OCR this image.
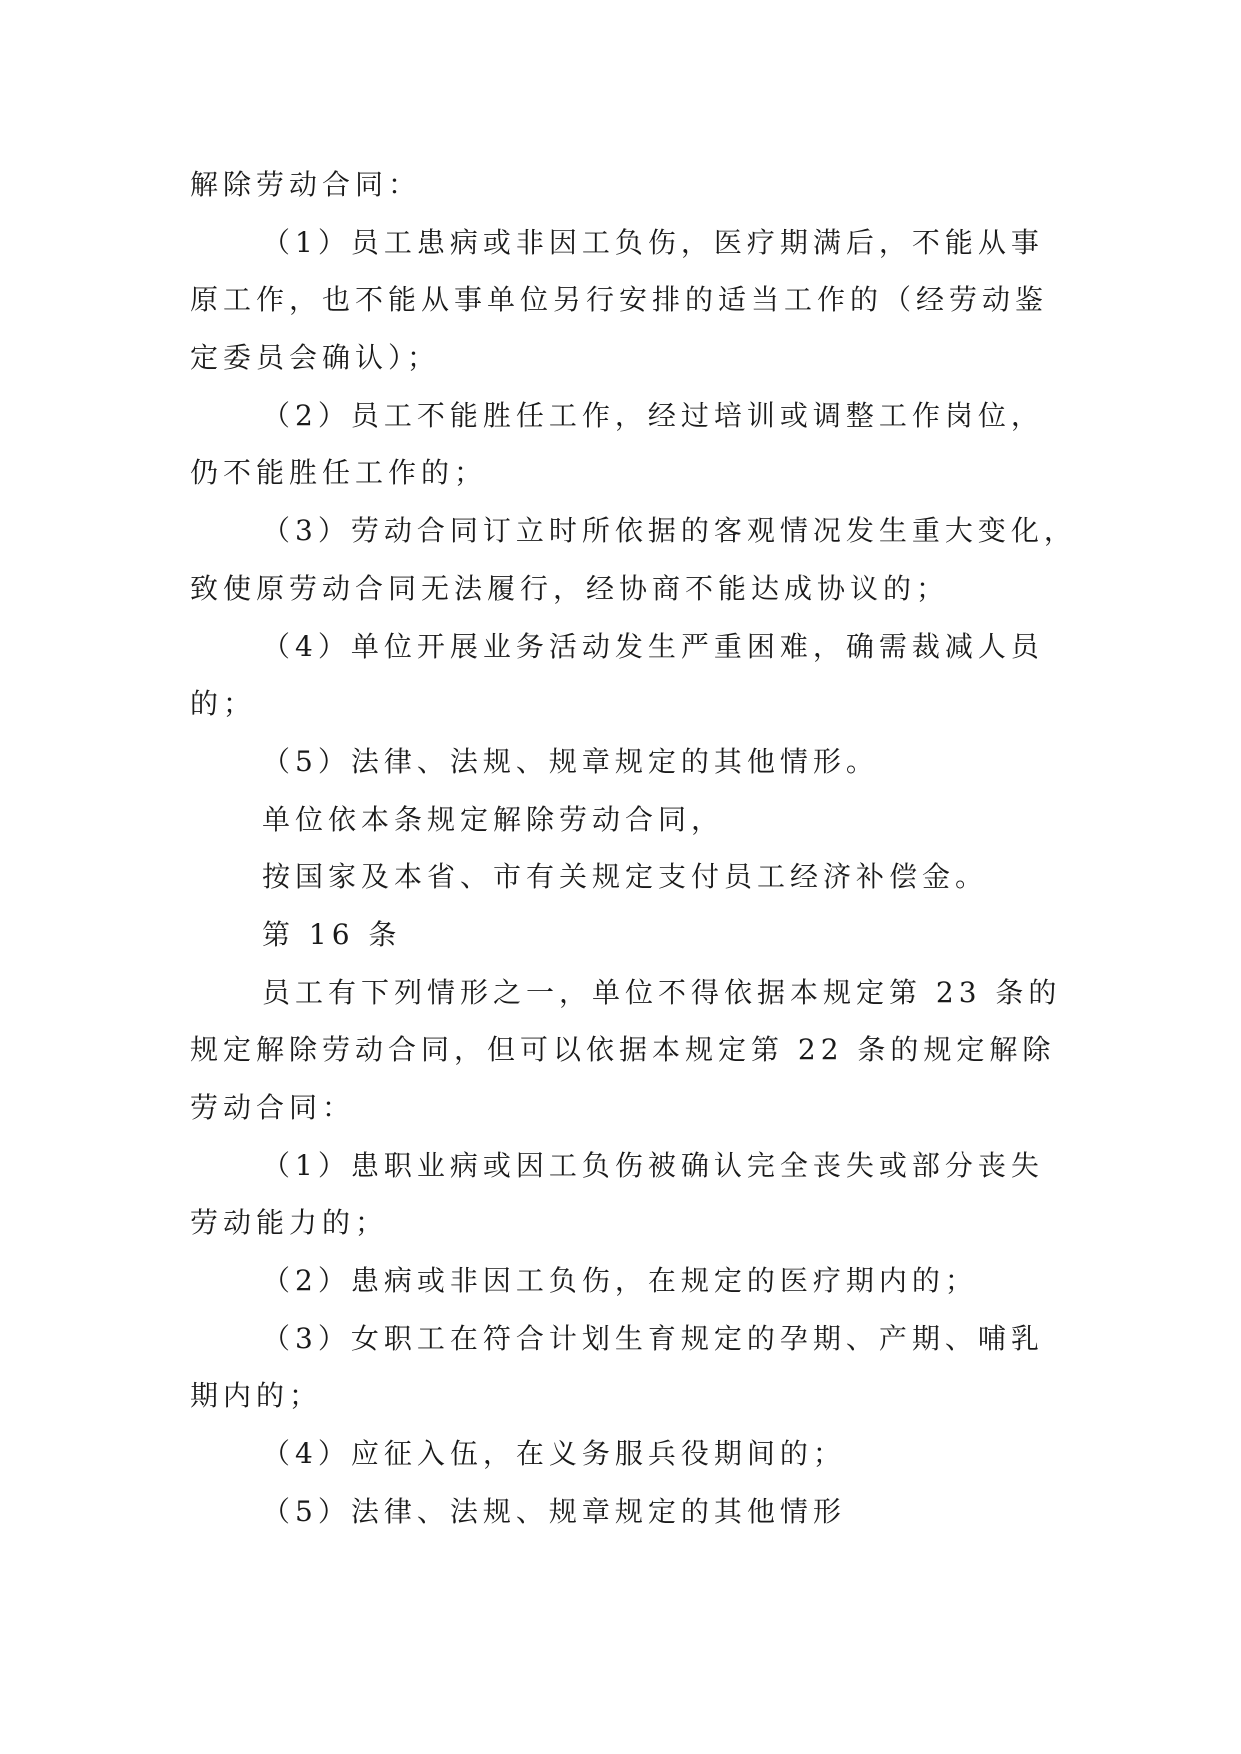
解除劳动合同：
（1）员工患病或非因工负伤，医疗期满后，不能从事
原工作，也不能从事单位另行安排的适当工作的（经劳动鉴
定委员会确认）；
（2）员工不能胜任工作，经过培训或调整工作岗位，
仍不能胜任工作的；
（3）劳动合同订立时所依据的客观情况发生重大变化，
致使原劳动合同无法履行，经协商不能达成协议的；
（4）单位开展业务活动发生严重困难，确需裁减人员
的；
（5）法律、法规、规章规定的其他情形。
单位依本条规定解除劳动合同，
按国家及本省、市有关规定支付员工经济补偿金。
第 16 条
员工有下列情形之一，单位不得依据本规定第 23 条的
规定解除劳动合同，但可以依据本规定第 22 条的规定解除
劳动合同：
（1）患职业病或因工负伤被确认完全丧失或部分丧失
劳动能力的；
（2）患病或非因工负伤，在规定的医疗期内的；
（3）女职工在符合计划生育规定的孕期、产期、哺乳
期内的；
（4）应征入伍，在义务服兵役期间的；
（5）法律、法规、规章规定的其他情形
